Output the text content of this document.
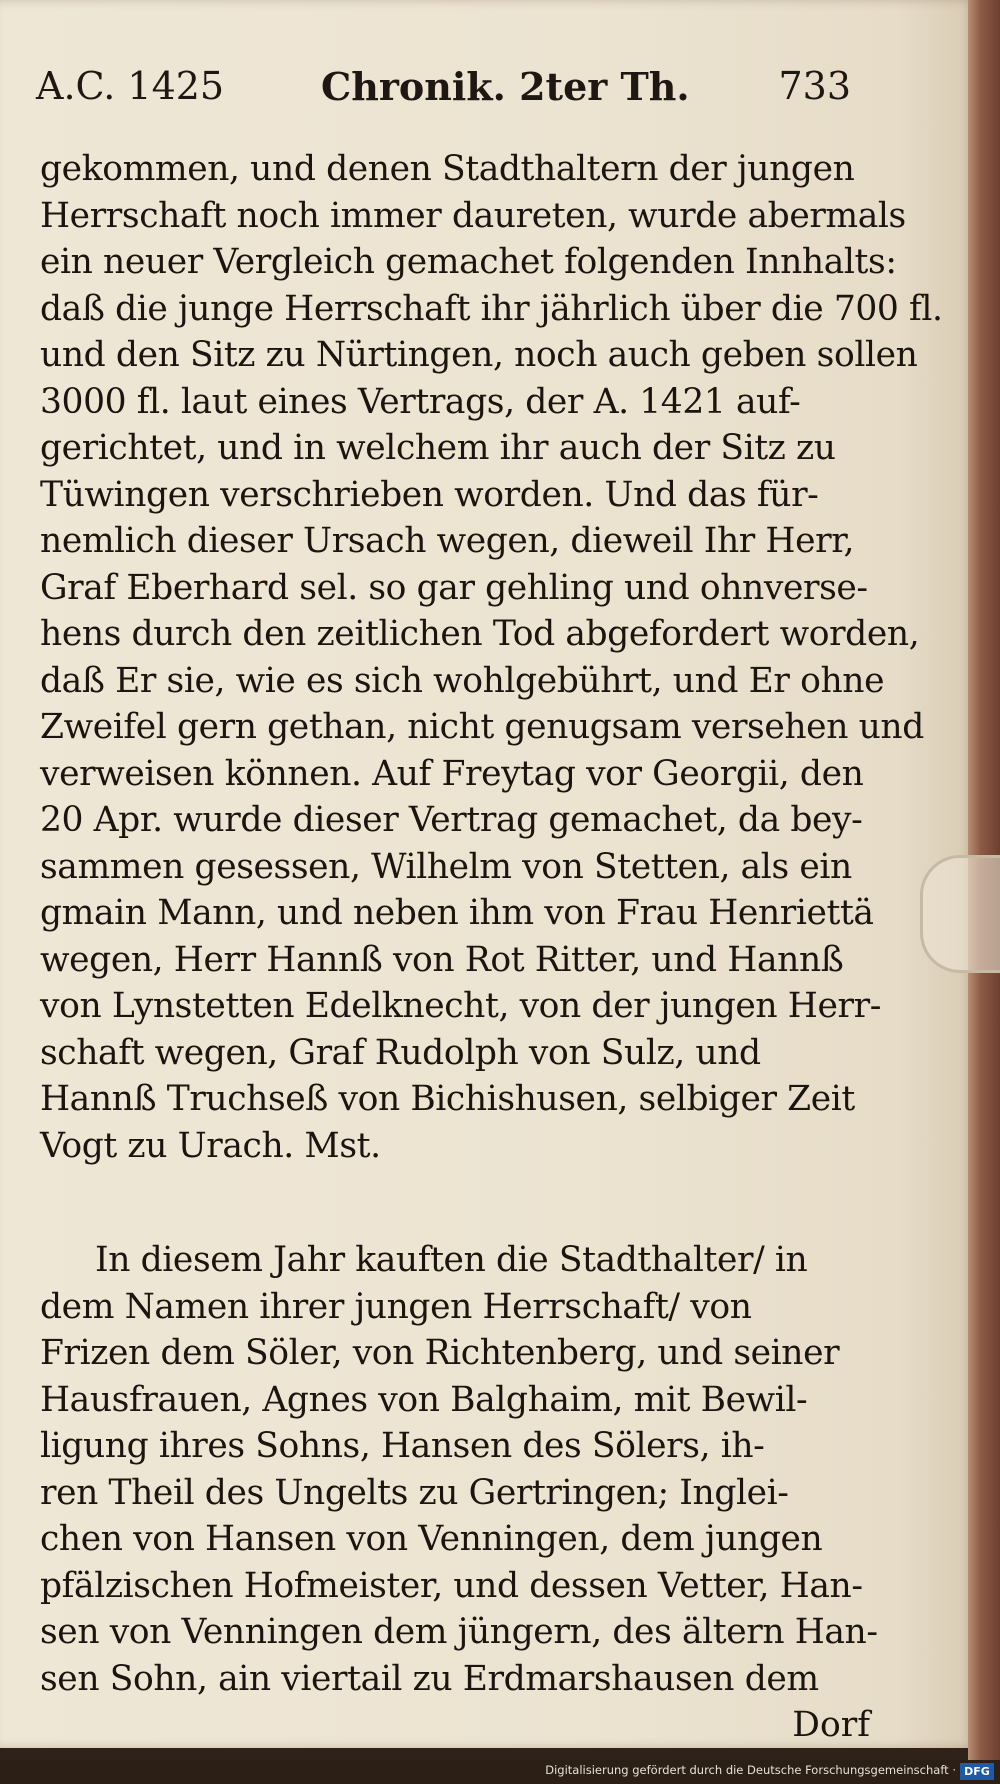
A.C. 1425	Chronik. 2ter Th. 733
gekommen, und denen Stadthaltern der jungen
Herrschaft noch immer daureten, wurde abermals
ein neuer Vergleich gemachet folgenden Innhalts:
daß die junge Herrschaft ihr jährlich über die 700 fl.
und den Sitz zu Nürtingen, noch auch geben sollen
3000 fl. laut eines Vertrags, der A. 1421 auf-
gerichtet, und in welchem ihr auch der Sitz zu
Tüwingen verschrieben worden. Und das für-
nemlich dieser Ursach wegen, dieweil Ihr Herr,
Graf Eberhard sel. so gar gehling und ohnverse-
hens durch den zeitlichen Tod abgefordert worden,
daß Er sie, wie es sich wohlgebührt, und Er ohne
Zweifel gern gethan, nicht genugsam versehen und
verweisen können. Auf Freytag vor Georgii, den
20 Apr. wurde dieser Vertrag gemachet, da bey-
sammen gesessen, Wilhelm von Stetten, als ein
gmain Mann, und neben ihm von Frau Henriettä
wegen, Herr Hannß von Rot Ritter, und Hannß
von Lynstetten Edelknecht, von der jungen Herr-
schaft wegen, Graf Rudolph von Sulz, und
Hannß Truchseß von Bichishusen, selbiger Zeit
Vogt zu Urach. Mst.
In diesem Jahr kauften die Stadthalter/ in
dem Namen ihrer jungen Herrschaft/ von
Frizen dem Söler, von Richtenberg, und seiner
Hausfrauen, Agnes von Balghaim, mit Bewil-
ligung ihres Sohns, Hansen des Sölers, ih-
ren Theil des Ungelts zu Gertringen; Inglei-
chen von Hansen von Venningen, dem jungen
pfälzischen Hofmeister, und dessen Vetter, Han-
sen von Venningen dem jüngern, des ältern Han-
sen Sohn, ain viertail zu Erdmarshausen dem
Dorf
Digitalisierung gefördert durch die Deutsche Forschungsgemeinschaft · DFG
